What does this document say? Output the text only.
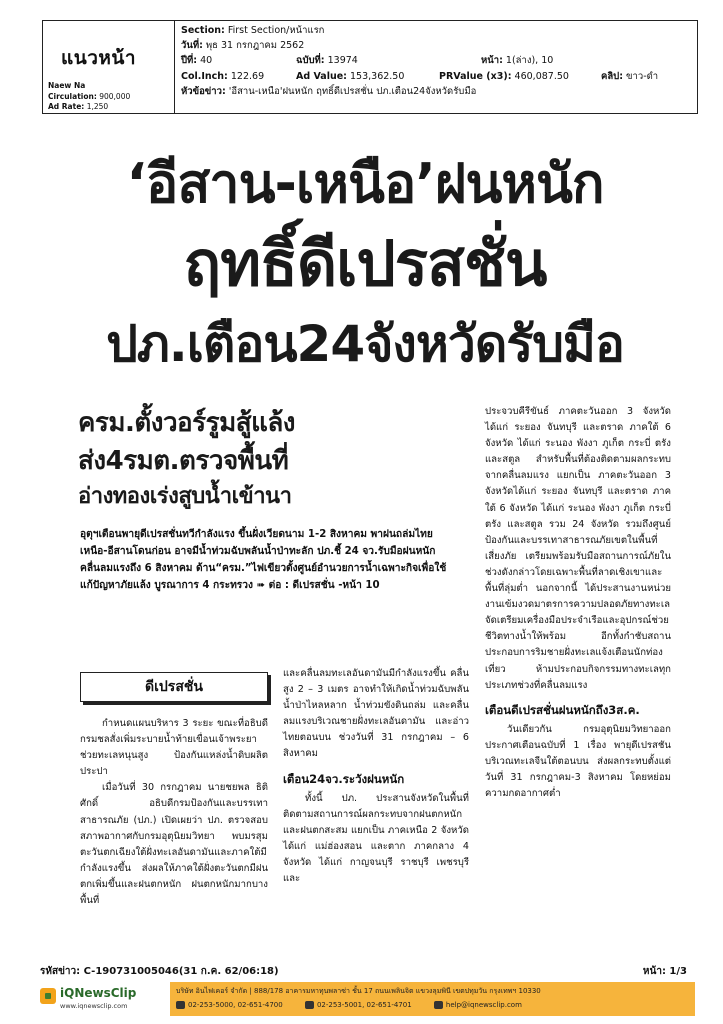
แนวหน้า
Naew Na
Circulation: 900,000
Ad Rate: 1,250
Section: First Section/หน้าแรก
วันที่: พุธ 31 กรกฎาคม 2562
ปีที่: 40	ฉบับที่: 13974	หน้า: 1(ล่าง), 10
Col.Inch: 122.69	Ad Value: 153,362.50	PRValue (x3): 460,087.50	คลิป: ขาว-ดำ
หัวข้อข่าว: 'อีสาน-เหนือ'ฝนหนัก ฤทธิ์ดีเปรสชั่น ปภ.เตือน24จังหวัดรับมือ
‘อีสาน-เหนือ’ฝนหนัก
ฤทธิ์ดีเปรสชั่น
ปภ.เตือน24จังหวัดรับมือ
ครม.ตั้งวอร์รูมสู้แล้ง
ส่ง4รมต.ตรวจพื้นที่
อ่างทองเร่งสูบน้ำเข้านา
อุตุฯเตือนพายุดีเปรสชั่นทวีกำลังแรง ขึ้นฝั่งเวียดนาม 1-2 สิงหาคม พาฝนถล่มไทย เหนือ-อีสานโดนก่อน อาจมีน้ำท่วมฉับพลันน้ำป่าทะลัก ปภ.ชี้ 24 จว.รับมือฝนหนัก คลื่นลมแรงถึง 6 สิงหาคม ด้าน“ครม.”ไฟเขียวตั้งศูนย์อำนวยการน้ำเฉพาะกิจเพื่อใช้แก้ปัญหาภัยแล้ง บูรณาการ 4 กระทรวง ➠ ต่อ : ดีเปรสชั่น -หน้า 10
ดีเปรสชั่น

กำหนดแผนบริหาร 3 ระยะ ขณะที่อธิบดีกรมชลสั่งเพิ่มระบายน้ำท้ายเขื่อนเจ้าพระยา ช่วยทะเลหนุนสูง ป้องกันแหล่งน้ำดิบผลิตประปา

เมื่อวันที่ 30 กรกฎาคม นายชยพล ธิติศักดิ์ อธิบดีกรมป้องกันและบรรเทาสาธารณภัย (ปภ.) เปิดเผยว่า ปภ. ตรวจสอบสภาพอากาศกับกรมอุตุนิยมวิทยา พบมรสุมตะวันตกเฉียงใต้ฝั่งทะเลอันดามันและภาคใต้มีกำลังแรงขึ้น ส่งผลให้ภาคใต้ฝั่งตะวันตกมีฝนตกเพิ่มขึ้นและฝนตกหนัก ฝนตกหนักมากบางพื้นที่

และคลื่นลมทะเลอันดามันมีกำลังแรงขึ้น คลื่นสูง 2 – 3 เมตร อาจทำให้เกิดน้ำท่วมฉับพลัน น้ำป่าไหลหลาก น้ำท่วมขังดินถล่ม และคลื่นลมแรงบริเวณชายฝั่งทะเลอันดามัน และอ่าวไทยตอนบน ช่วงวันที่ 31 กรกฎาคม – 6 สิงหาคม

เตือน24จว.ระวังฝนหนัก

ทั้งนี้ ปภ. ประสานจังหวัดในพื้นที่ ติดตามสถานการณ์ผลกระทบจากฝนตกหนักและฝนตกสะสม แยกเป็น ภาคเหนือ 2 จังหวัด ได้แก่ แม่ฮ่องสอน และตาก ภาคกลาง 4 จังหวัด ได้แก่ กาญจนบุรี ราชบุรี เพชรบุรี และ

ประจวบคีรีขันธ์ ภาคตะวันออก 3 จังหวัด ได้แก่ ระยอง จันทบุรี และตราด ภาคใต้ 6 จังหวัด ได้แก่ ระนอง พังงา ภูเก็ต กระบี่ ตรัง และสตูล สำหรับพื้นที่ต้องติดตามผลกระทบจากคลื่นลมแรง แยกเป็น ภาคตะวันออก 3 จังหวัดได้แก่ ระยอง จันทบุรี และตราด ภาคใต้ 6 จังหวัด ได้แก่ ระนอง พังงา ภูเก็ต กระบี่ ตรัง และสตูล รวม 24 จังหวัด รวมถึงศูนย์ป้องกันและบรรเทาสาธารณภัยเขตในพื้นที่เสี่ยงภัย เตรียมพร้อมรับมือสถานการณ์ภัยในช่วงดังกล่าวโดยเฉพาะพื้นที่ลาดเชิงเขาและพื้นที่ลุ่มต่ำ นอกจากนี้ ได้ประสานงานหน่วยงานเข้มงวดมาตรการความปลอดภัยทางทะเล จัดเตรียมเครื่องมือประจำเรือและอุปกรณ์ช่วยชีวิตทางน้ำให้พร้อม อีกทั้งกำชับสถานประกอบการริมชายฝั่งทะเลแจ้งเตือนนักท่องเที่ยว ห้ามประกอบกิจกรรมทางทะเลทุกประเภทช่วงที่คลื่นลมแรง

เตือนดีเปรสชั่นฝนหนักถึง3ส.ค.

วันเดียวกัน กรมอุตุนิยมวิทยาออกประกาศเตือนฉบับที่ 1 เรื่อง พายุดีเปรสชันบริเวณทะเลจีนใต้ตอนบน ส่งผลกระทบตั้งแต่วันที่ 31 กรกฎาคม-3 สิงหาคม โดยหย่อมความกดอากาศต่ำ

รหัสข่าว: C-190731005046(31 ก.ค. 62/06:18)	หน้า: 1/3
iQNewsClip
www.iqnewsclip.com
บริษัท อินไฟเคอร์ จำกัด | 888/178 อาคารมหาทุนพลาซ่า ชั้น 17 ถนนเพลินจิต แขวงลุมพินี เขตปทุมวัน กรุงเทพฯ 10330
02-253-5000, 02-651-4700	02-253-5001, 02-651-4701	help@iqnewsclip.com
